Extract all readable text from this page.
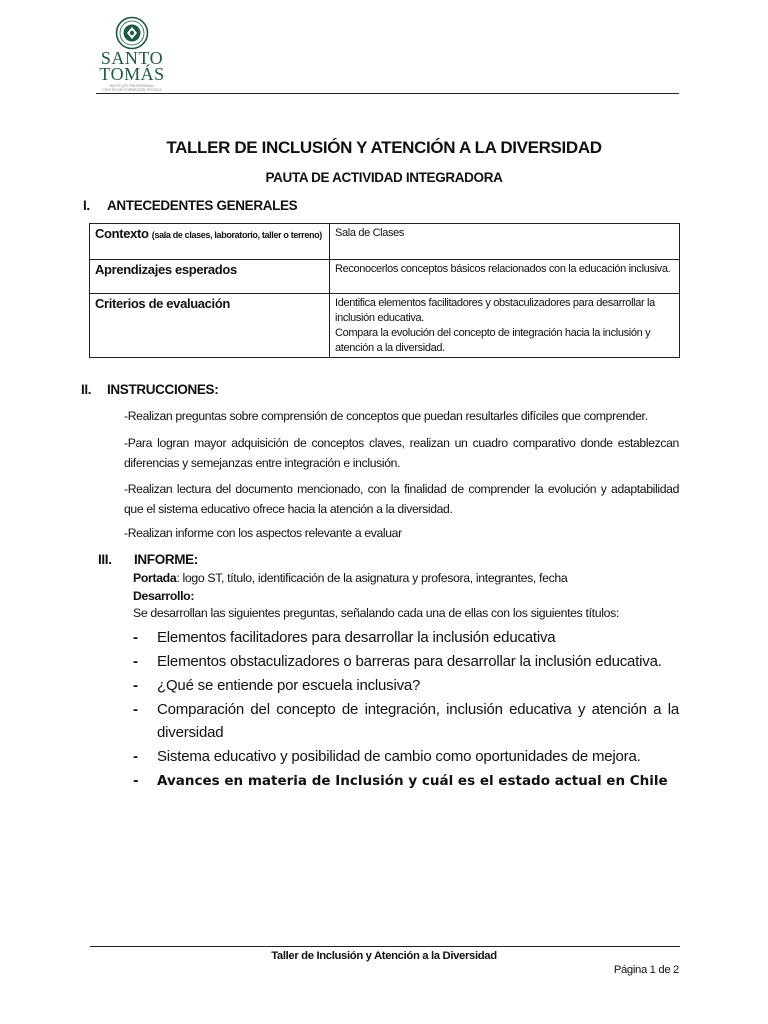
SANTO
TOMÁS
INSTITUTO PROFESIONAL
CENTRO DE FORMACIÓN TÉCNICA
TALLER DE INCLUSIÓN Y ATENCIÓN A LA DIVERSIDAD
PAUTA DE ACTIVIDAD INTEGRADORA
I. ANTECEDENTES GENERALES
Contexto (sala de clases, laboratorio, taller o terreno)	Sala de Clases
Aprendizajes esperados	Reconocerlos conceptos básicos relacionados con la educación inclusiva.
Criterios de evaluación	Identifica elementos facilitadores y obstaculizadores para desarrollar la inclusión educativa.
Compara la evolución del concepto de integración hacia la inclusión y atención a la diversidad.
II. INSTRUCCIONES:
-Realizan preguntas sobre comprensión de conceptos que puedan resultarles difíciles que comprender.
-Para logran mayor adquisición de conceptos claves, realizan un cuadro comparativo donde establezcan diferencias y semejanzas entre integración e inclusión.
-Realizan lectura del documento mencionado, con la finalidad de comprender la evolución y adaptabilidad que el sistema educativo ofrece hacia la atención a la diversidad.
-Realizan informe con los aspectos relevante a evaluar
III. INFORME:
Portada: logo ST, título, identificación de la asignatura y profesora, integrantes, fecha
Desarrollo:
Se desarrollan las siguientes preguntas, señalando cada una de ellas con los siguientes títulos:
- Elementos facilitadores para desarrollar la inclusión educativa
- Elementos obstaculizadores o barreras para desarrollar la inclusión educativa.
- ¿Qué se entiende por escuela inclusiva?
- Comparación del concepto de integración, inclusión educativa y atención a la diversidad
- Sistema educativo y posibilidad de cambio como oportunidades de mejora.
- Avances en materia de Inclusión y cuál es el estado actual en Chile
Taller de Inclusión y Atención a la Diversidad
Página 1 de 2
